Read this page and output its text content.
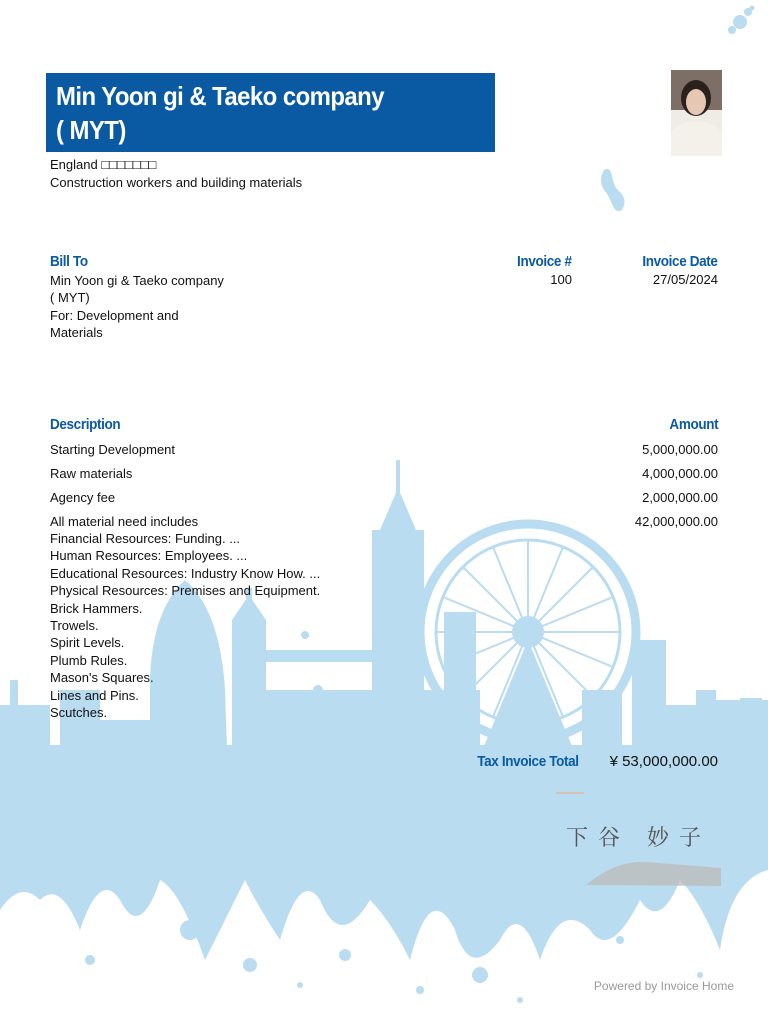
Min Yoon gi & Taeko company
( MYT)
England □□□□□□□
Construction workers and building materials
Bill To
Min Yoon gi & Taeko company
( MYT)
For: Development and
Materials
Invoice #
100
Invoice Date
27/05/2024
Description	Amount
Starting Development	5,000,000.00
Raw materials	4,000,000.00
Agency fee	2,000,000.00
All material need includes	42,000,000.00
Financial Resources: Funding. ...
Human Resources: Employees. ...
Educational Resources: Industry Know How. ...
Physical Resources: Premises and Equipment.
Brick Hammers.
Trowels.
Spirit Levels.
Plumb Rules.
Mason's Squares.
Lines and Pins.
Scutches.
Tax Invoice Total ¥ 53,000,000.00
下谷 妙子
Powered by Invoice Home
